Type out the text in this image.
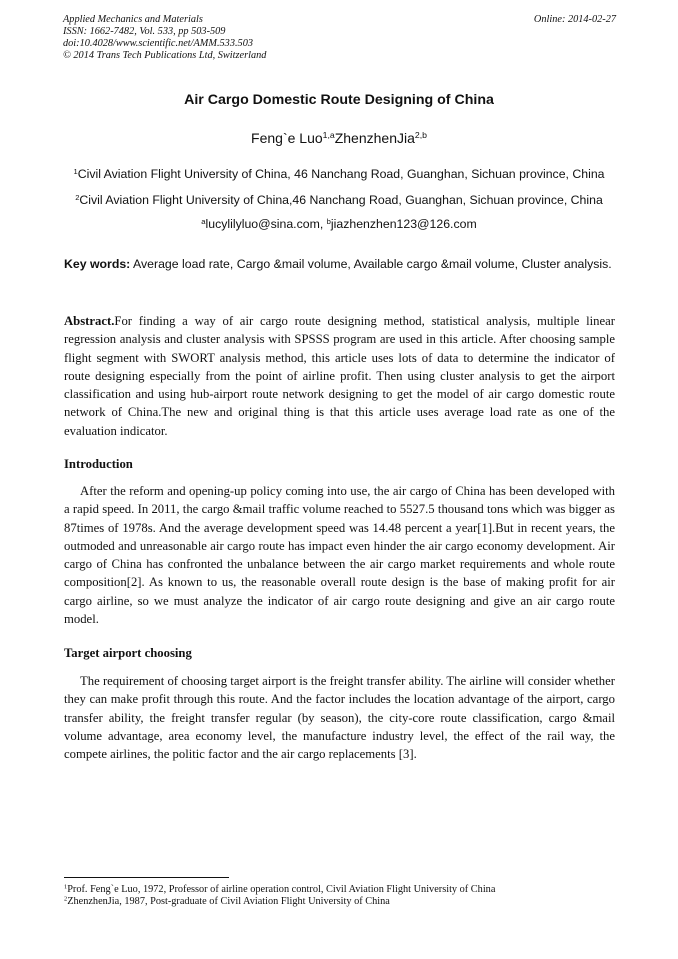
Applied Mechanics and Materials
ISSN: 1662-7482, Vol. 533, pp 503-509
doi:10.4028/www.scientific.net/AMM.533.503
© 2014 Trans Tech Publications Ltd, Switzerland
Online: 2014-02-27
Air Cargo Domestic Route Designing of China
Feng`e Luo$^{1,a}$ZhenzhenJia$^{2,b}$
$^1$Civil Aviation Flight University of China, 46 Nanchang Road, Guanghan, Sichuan province, China
$^2$Civil Aviation Flight University of China,46 Nanchang Road, Guanghan, Sichuan province, China
$^a$lucylilyluo@sina.com, $^b$jiazhenzhen123@126.com
Key words: Average load rate, Cargo &mail volume, Available cargo &mail volume, Cluster analysis.
Abstract.For finding a way of air cargo route designing method, statistical analysis, multiple linear regression analysis and cluster analysis with SPSSS program are used in this article. After choosing sample flight segment with SWORT analysis method, this article uses lots of data to determine the indicator of route designing especially from the point of airline profit. Then using cluster analysis to get the airport classification and using hub-airport route network designing to get the model of air cargo domestic route network of China.The new and original thing is that this article uses average load rate as one of the evaluation indicator.
Introduction
After the reform and opening-up policy coming into use, the air cargo of China has been developed with a rapid speed. In 2011, the cargo &mail traffic volume reached to 5527.5 thousand tons which was bigger as 87times of 1978s. And the average development speed was 14.48 percent a year[1].But in recent years, the outmoded and unreasonable air cargo route has impact even hinder the air cargo economy development. Air cargo of China has confronted the unbalance between the air cargo market requirements and whole route composition[2]. As known to us, the reasonable overall route design is the base of making profit for air cargo airline, so we must analyze the indicator of air cargo route designing and give an air cargo route model.
Target airport choosing
The requirement of choosing target airport is the freight transfer ability. The airline will consider whether they can make profit through this route. And the factor includes the location advantage of the airport, cargo transfer ability, the freight transfer regular (by season), the city-core route classification, cargo &mail volume advantage, area economy level, the manufacture industry level, the effect of the rail way, the compete airlines, the politic factor and the air cargo replacements [3].
$^1$Prof. Feng`e Luo, 1972, Professor of airline operation control, Civil Aviation Flight University of China
$^2$ZhenzhenJia, 1987, Post-graduate of Civil Aviation Flight University of China
